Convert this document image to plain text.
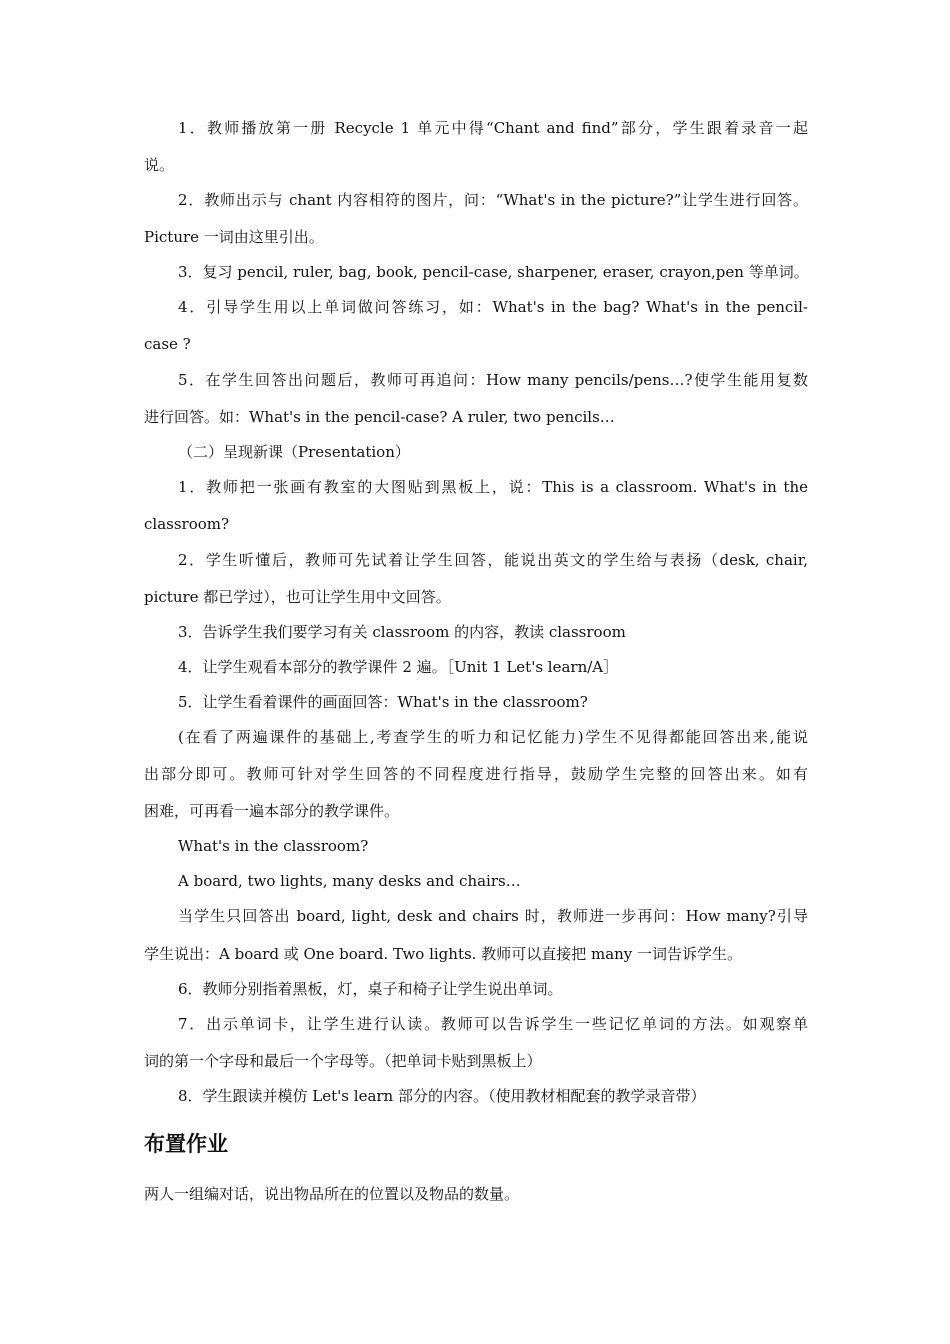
1．教师播放第一册 Recycle 1 单元中得“Chant and find”部分，学生跟着录音一起
说。
2．教师出示与 chant 内容相符的图片，问：“What's in the picture?”让学生进行回答。
Picture 一词由这里引出。
3．复习 pencil, ruler, bag, book, pencil-case, sharpener, eraser, crayon,pen 等单词。
4．引导学生用以上单词做问答练习，如：What's in the bag? What's in the pencil-
case ?
5．在学生回答出问题后，教师可再追问：How many pencils/pens…?使学生能用复数
进行回答。如：What's in the pencil-case? A ruler, two pencils…
（二）呈现新课（Presentation）
1．教师把一张画有教室的大图贴到黑板上，说：This is a classroom. What's in the
classroom?
2．学生听懂后，教师可先试着让学生回答，能说出英文的学生给与表扬（desk, chair,
picture 都已学过），也可让学生用中文回答。
3．告诉学生我们要学习有关 classroom 的内容，教读 classroom
4．让学生观看本部分的教学课件 2 遍。［Unit 1 Let's learn/A］
5．让学生看着课件的画面回答：What's in the classroom?
(在看了两遍课件的基础上,考查学生的听力和记忆能力)学生不见得都能回答出来,能说
出部分即可。教师可针对学生回答的不同程度进行指导，鼓励学生完整的回答出来。如有
困难，可再看一遍本部分的教学课件。
What's in the classroom?
A board, two lights, many desks and chairs…
当学生只回答出 board, light, desk and chairs 时，教师进一步再问：How many?引导
学生说出：A board 或 One board. Two lights. 教师可以直接把 many 一词告诉学生。
6．教师分别指着黑板，灯，桌子和椅子让学生说出单词。
7．出示单词卡，让学生进行认读。教师可以告诉学生一些记忆单词的方法。如观察单
词的第一个字母和最后一个字母等。（把单词卡贴到黑板上）
8．学生跟读并模仿 Let's learn 部分的内容。（使用教材相配套的教学录音带）
布置作业
两人一组编对话，说出物品所在的位置以及物品的数量。
